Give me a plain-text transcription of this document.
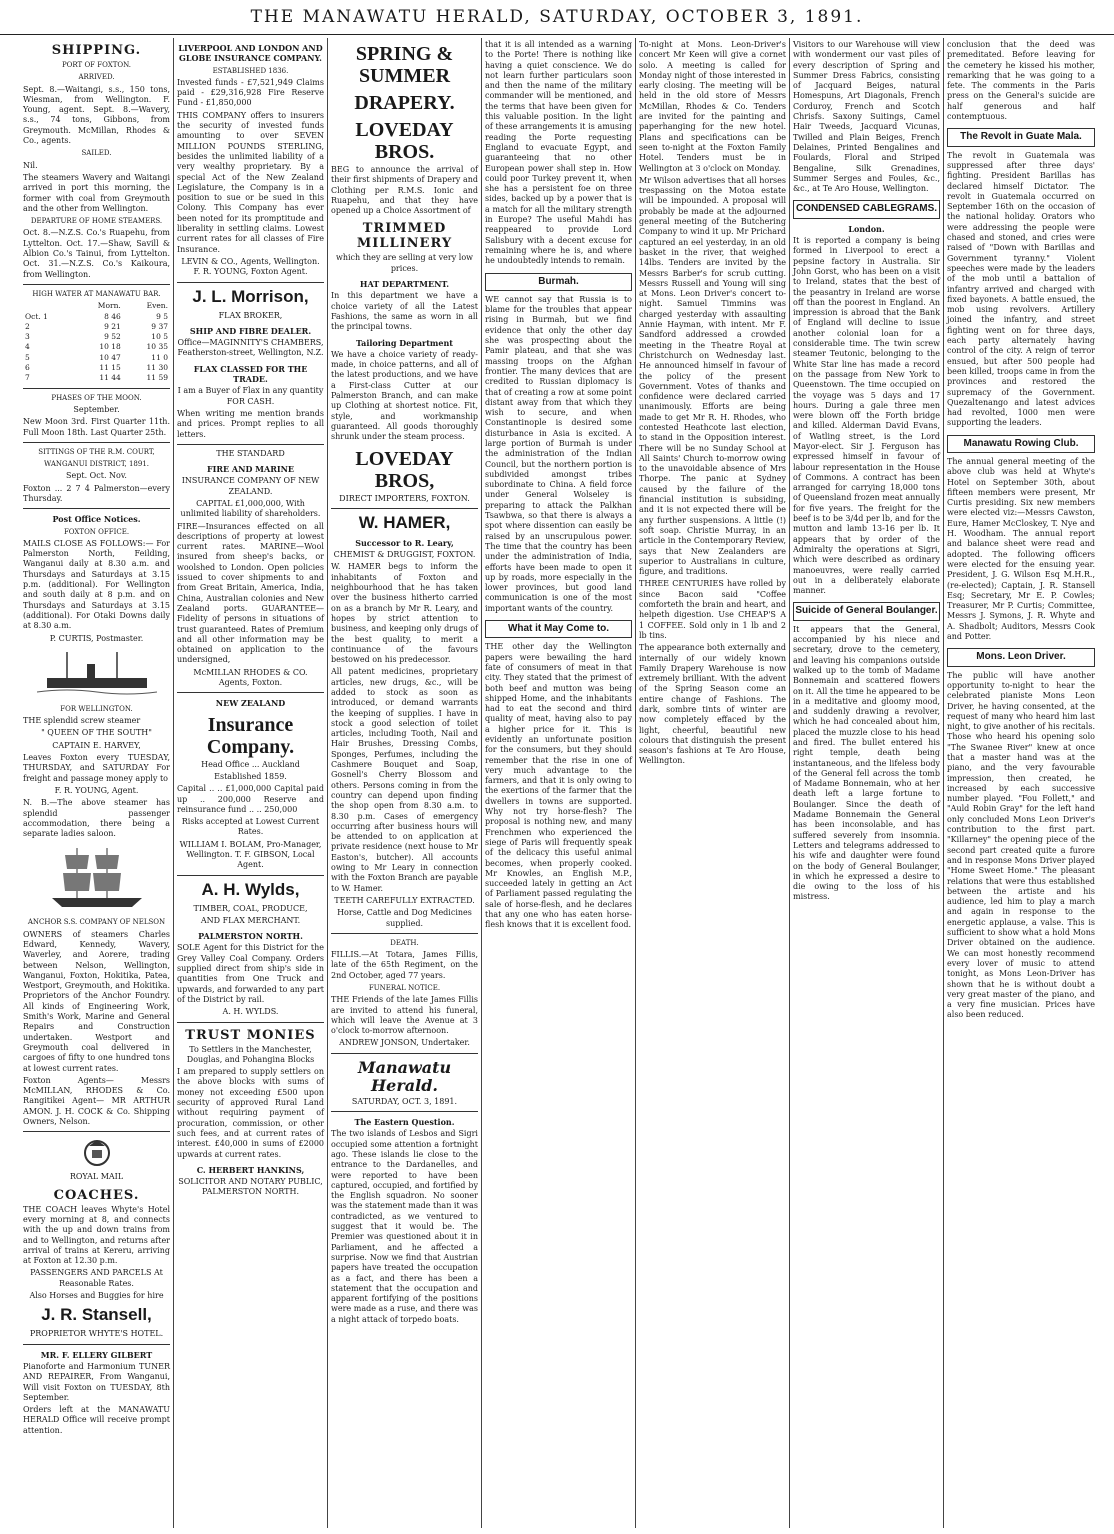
THE MANAWATU HERALD, SATURDAY, OCTOBER 3, 1891.
SHIPPING.
PORT OF FOXTON.
ARRIVED.
Sept. 8.—Waitangi, s.s., 150 tons, Wiesman, from Wellington. F. Young, agent. Sept. 8.—Wavery, s.s., 74 tons, Gibbons, from Greymouth. McMillan, Rhodes & Co., agents.
SAILED.
Nil.
The steamers Wavery and Waitangi arrived in port this morning, the former with coal from Greymouth and the other from Wellington.
DEPARTURE OF HOME STEAMERS.
Oct. 8.—N.Z.S. Co.'s Ruapehu, from Lyttelton. Oct. 17.—Shaw, Savill & Albion Co.'s Tainui, from Lyttelton. Oct. 31.—N.Z.S. Co.'s Kaikoura, from Wellington.
HIGH WATER AT MANAWATU BAR.
	Morn.	Even.
Oct. 1	8 46	9 5
2	9 21	9 37
3	9 52	10 5
4	10 18	10 35
5	10 47	11 0
6	11 15	11 30
7	11 44	11 59
PHASES OF THE MOON.
September.
New Moon 3rd. First Quarter 11th. Full Moon 18th. Last Quarter 25th.
SITTINGS OF THE R.M. COURT,
WANGANUI DISTRICT, 1891.
Sept. Oct. Nov.
Foxton ... 2 7 4 Palmerston—every Thursday.
Post Office Notices.
FOXTON OFFICE.
MAILS CLOSE AS FOLLOWS:— For Palmerston North, Feilding, Wanganui daily at 8.30 a.m. and Thursdays and Saturdays at 3.15 p.m. (additional). For Wellington and south daily at 8 p.m. and on Thursdays and Saturdays at 3.15 (additional). For Otaki Downs daily at 8.30 a.m.
P. CURTIS, Postmaster.
FOR WELLINGTON.
THE splendid screw steamer
" QUEEN OF THE SOUTH"
CAPTAIN E. HARVEY,
Leaves Foxton every TUESDAY, THURSDAY, and SATURDAY For freight and passage money apply to
F. R. YOUNG, Agent.
N. B.—The above steamer has splendid passenger accommodation, there being a separate ladies saloon.
ANCHOR S.S. COMPANY OF NELSON
OWNERS of steamers Charles Edward, Kennedy, Wavery, Waverley, and Aorere, trading between Nelson, Wellington, Wanganui, Foxton, Hokitika, Patea, Westport, Greymouth, and Hokitika. Proprietors of the Anchor Foundry. All kinds of Engineering Work, Smith's Work, Marine and General Repairs and Construction undertaken. Westport and Greymouth coal delivered in cargoes of fifty to one hundred tons at lowest current rates.
Foxton Agents— Messrs McMILLAN, RHODES & Co. Rangitikei Agent— MR ARTHUR AMON. J. H. COCK & Co. Shipping Owners, Nelson.
ROYAL MAIL
COACHES.
THE COACH leaves Whyte's Hotel every morning at 8, and connects with the up and down trains from and to Wellington, and returns after arrival of trains at Kereru, arriving at Foxton at 12.30 p.m.
PASSENGERS AND PARCELS At Reasonable Rates.
Also Horses and Buggies for hire
J. R. Stansell,
PROPRIETOR WHYTE'S HOTEL.
MR. F. ELLERY GILBERT
Pianoforte and Harmonium TUNER AND REPAIRER, From Wanganui, Will visit Foxton on TUESDAY, 8th September.
Orders left at the MANAWATU HERALD Office will receive prompt attention.
LIVERPOOL AND LONDON AND GLOBE INSURANCE COMPANY.
ESTABLISHED 1836.
Invested funds - £7,521,949 Claims paid - £29,316,928 Fire Reserve Fund - £1,850,000
THIS COMPANY offers to insurers the security of invested funds amounting to over SEVEN MILLION POUNDS STERLING, besides the unlimited liability of a very wealthy proprietary. By a special Act of the New Zealand Legislature, the Company is in a position to sue or be sued in this Colony. This Company has ever been noted for its promptitude and liberality in settling claims. Lowest current rates for all classes of Fire Insurance.
LEVIN & CO., Agents, Wellington. F. R. YOUNG, Foxton Agent.
J. L. Morrison,
FLAX BROKER,
SHIP AND FIBRE DEALER.
Office—MAGINNITY'S CHAMBERS, Featherston-street, Wellington, N.Z.
FLAX CLASSED FOR THE TRADE.
I am a Buyer of Flax in any quantity FOR CASH.
When writing me mention brands and prices. Prompt replies to all letters.
THE STANDARD
FIRE AND MARINE
INSURANCE COMPANY OF NEW ZEALAND.
CAPITAL £1,000,000, With unlimited liability of shareholders.
FIRE—Insurances effected on all descriptions of property at lowest current rates. MARINE—Wool insured from sheep's backs, or woolshed to London. Open policies issued to cover shipments to and from Great Britain, America, India, China, Australian colonies and New Zealand ports. GUARANTEE—Fidelity of persons in situations of trust guaranteed. Rates of Premium and all other information may be obtained on application to the undersigned,
McMILLAN RHODES & CO. Agents, Foxton.
NEW ZEALAND
Insurance Company.
Head Office ... Auckland
Established 1859.
Capital .. .. £1,000,000 Capital paid up .. 200,000 Reserve and reinsurance fund .. .. 250,000
Risks accepted at Lowest Current Rates.
WILLIAM I. BOLAM, Pro-Manager, Wellington. T. F. GIBSON, Local Agent.
A. H. Wylds,
TIMBER, COAL, PRODUCE,
AND FLAX MERCHANT.
PALMERSTON NORTH.
SOLE Agent for this District for the Grey Valley Coal Company. Orders supplied direct from ship's side in quantities from One Truck and upwards, and forwarded to any part of the District by rail.
A. H. WYLDS.
TRUST MONIES
To Settlers in the Manchester, Douglas, and Pohangina Blocks
I am prepared to supply settlers on the above blocks with sums of money not exceeding £500 upon security of approved Rural Land without requiring payment of procuration, commission, or other such fees, and at current rates of interest. £40,000 in sums of £2000 upwards at current rates.
C. HERBERT HANKINS,
SOLICITOR AND NOTARY PUBLIC, PALMERSTON NORTH.
SPRING & SUMMER
DRAPERY.
LOVEDAY BROS.
BEG to announce the arrival of their first shipments of Drapery and Clothing per R.M.S. Ionic and Ruapehu, and that they have opened up a Choice Assortment of
TRIMMED MILLINERY
which they are selling at very low prices.
HAT DEPARTMENT.
In this department we have a choice variety of all the Latest Fashions, the same as worn in all the principal towns.
Tailoring Department
We have a choice variety of ready-made, in choice patterns, and all of the latest productions, and we have a First-class Cutter at our Palmerston Branch, and can make up Clothing at shortest notice. Fit, style, and workmanship guaranteed. All goods thoroughly shrunk under the steam process.
LOVEDAY BROS,
DIRECT IMPORTERS, FOXTON.
W. HAMER,
Successor to R. Leary,
CHEMIST & DRUGGIST, FOXTON.
W. HAMER begs to inform the inhabitants of Foxton and neighbourhood that he has taken over the business hitherto carried on as a branch by Mr R. Leary, and hopes by strict attention to business, and keeping only drugs of the best quality, to merit a continuance of the favours bestowed on his predecessor.
All patent medicines, proprietary articles, new drugs, &c., will be added to stock as soon as introduced, or demand warrants the keeping of supplies. I have in stock a good selection of toilet articles, including Tooth, Nail and Hair Brushes, Dressing Combs, Sponges, Perfumes, including the Cashmere Bouquet and Soap, Gosnell's Cherry Blossom and others. Persons coming in from the country can depend upon finding the shop open from 8.30 a.m. to 8.30 p.m. Cases of emergency occurring after business hours will be attended to on application at private residence (next house to Mr Easton's, butcher). All accounts owing to Mr Leary in connection with the Foxton Branch are payable to W. Hamer.
TEETH CAREFULLY EXTRACTED.
Horse, Cattle and Dog Medicines supplied.
DEATH.
FILLIS.—At Totara, James Fillis, late of the 65th Regiment, on the 2nd October, aged 77 years.
FUNERAL NOTICE.
THE Friends of the late James Fillis are invited to attend his funeral, which will leave the Avenue at 3 o'clock to-morrow afternoon.
ANDREW JONSON, Undertaker.
Manawatu Herald.
SATURDAY, OCT. 3, 1891.
The Eastern Question.
The two islands of Lesbos and Sigri occupied some attention a fortnight ago. These islands lie close to the entrance to the Dardanelles, and were reported to have been captured, occupied, and fortified by the English squadron. No sooner was the statement made than it was contradicted, as we ventured to suggest that it would be. The Premier was questioned about it in Parliament, and he affected a surprise. Now we find that Austrian papers have treated the occupation as a fact, and there has been a statement that the occupation and apparent fortifying of the positions were made as a ruse, and there was a night attack of torpedo boats.
that it is all intended as a warning to the Porte! There is nothing like having a quiet conscience. We do not learn further particulars soon and then the name of the military commander will be mentioned, and the terms that have been given for this valuable position. In the light of these arrangements it is amusing reading the Porte requesting England to evacuate Egypt, and guaranteeing that no other European power shall step in. How could poor Turkey prevent it, when she has a persistent foe on three sides, backed up by a power that is a match for all the military strength in Europe? The useful Mahdi has reappeared to provide Lord Salisbury with a decent excuse for remaining where he is, and where he undoubtedly intends to remain.
Burmah.
WE cannot say that Russia is to blame for the troubles that appear rising in Burmah, but we find evidence that only the other day she was prospecting about the Pamir plateau, and that she was massing troops on the Afghan frontier. The many devices that are credited to Russian diplomacy is that of creating a row at some point distant away from that which they wish to secure, and when Constantinople is desired some disturbance in Asia is excited. A large portion of Burmah is under the administration of the Indian Council, but the northern portion is subdivided amongst tribes subordinate to China. A field force under General Wolseley is preparing to attack the Palkhan Tsawbwa, so that there is always a spot where dissention can easily be raised by an unscrupulous power. The time that the country has been under the administration of India, efforts have been made to open it up by roads, more especially in the lower provinces, but good land communication is one of the most important wants of the country.
What it May Come to.
THE other day the Wellington papers were bewailing the hard fate of consumers of meat in that city. They stated that the primest of both beef and mutton was being shipped Home, and the inhabitants had to eat the second and third quality of meat, having also to pay a higher price for it. This is evidently an unfortunate position for the consumers, but they should remember that the rise in one of very much advantage to the farmers, and that it is only owing to the exertions of the farmer that the dwellers in towns are supported. Why not try horse-flesh? The proposal is nothing new, and many Frenchmen who experienced the siege of Paris will frequently speak of the delicacy this useful animal becomes, when properly cooked. Mr Knowles, an English M.P., succeeded lately in getting an Act of Parliament passed regulating the sale of horse-flesh, and he declares that any one who has eaten horse-flesh knows that it is excellent food.
To-night at Mons. Leon-Driver's concert Mr Keen will give a cornet solo. A meeting is called for Monday night of those interested in early closing. The meeting will be held in the old store of Messrs McMillan, Rhodes & Co. Tenders are invited for the painting and paperhanging for the new hotel. Plans and specifications can be seen to-night at the Foxton Family Hotel. Tenders must be in Wellington at 3 o'clock on Monday.
Mr Wilson advertises that all horses trespassing on the Motoa estate will be impounded. A proposal will probably be made at the adjourned general meeting of the Butchering Company to wind it up. Mr Prichard captured an eel yesterday, in an old basket in the river, that weighed 14lbs. Tenders are invited by the Messrs Barber's for scrub cutting. Messrs Russell and Young will sing at Mons. Leon Driver's concert to-night. Samuel Timmins was charged yesterday with assaulting Annie Hayman, with intent. Mr F. Sandford addressed a crowded meeting in the Theatre Royal at Christchurch on Wednesday last. He announced himself in favour of the policy of the present Government. Votes of thanks and confidence were declared carried unanimously. Efforts are being made to get Mr R. H. Rhodes, who contested Heathcote last election, to stand in the Opposition interest. There will be no Sunday School at All Saints' Church to-morrow owing to the unavoidable absence of Mrs Thorpe. The panic at Sydney caused by the failure of the financial institution is subsiding, and it is not expected there will be any further suspensions. A little (!) soft soap. Christie Murray, in an article in the Contemporary Review, says that New Zealanders are superior to Australians in culture, figure, and traditions.
THREE CENTURIES have rolled by since Bacon said "Coffee comforteth the brain and heart, and helpeth digestion. Use CHEAP'S A 1 COFFEE. Sold only in 1 lb and 2 lb tins.
The appearance both externally and internally of our widely known Family Drapery Warehouse is now extremely brilliant. With the advent of the Spring Season come an entire change of Fashions. The dark, sombre tints of winter are now completely effaced by the light, cheerful, beautiful new colours that distinguish the present season's fashions at Te Aro House, Wellington.
Visitors to our Warehouse will view with wonderment our vast piles of every description of Spring and Summer Dress Fabrics, consisting of Jacquard Beiges, natural Homespuns, Art Diagonals, French Corduroy, French and Scotch Chrisfs. Saxony Suitings, Camel Hair Tweeds, Jacquard Vicunas, Twilled and Plain Beiges, French Delaines, Printed Bengalines and Foulards, Floral and Striped Bengaline, Silk Grenadines, Summer Serges and Foules, &c., &c., at Te Aro House, Wellington.
CONDENSED CABLEGRAMS.
London.
It is reported a company is being formed in Liverpool to erect a pepsine factory in Australia. Sir John Gorst, who has been on a visit to Ireland, states that the best of the peasantry in Ireland are worse off than the poorest in England. An impression is abroad that the Bank of England will decline to issue another colonial loan for a considerable time. The twin screw steamer Teutonic, belonging to the White Star line has made a record on the passage from New York to Queenstown. The time occupied on the voyage was 5 days and 17 hours. During a gale three men were blown off the Forth bridge and killed. Alderman David Evans, of Watling street, is the Lord Mayor-elect. Sir J. Ferguson has expressed himself in favour of labour representation in the House of Commons. A contract has been arranged for carrying 18,000 tons of Queensland frozen meat annually for five years. The freight for the beef is to be 3/4d per lb, and for the mutton and lamb 13-16 per lb. It appears that by order of the Admiralty the operations at Sigri, which were described as ordinary manoeuvres, were really carried out in a deliberately elaborate manner.
Suicide of General Boulanger.
It appears that the General, accompanied by his niece and secretary, drove to the cemetery, and leaving his companions outside walked up to the tomb of Madame Bonnemain and scattered flowers on it. All the time he appeared to be in a meditative and gloomy mood, and suddenly drawing a revolver, which he had concealed about him, placed the muzzle close to his head and fired. The bullet entered his right temple, death being instantaneous, and the lifeless body of the General fell across the tomb of Madame Bonnemain, who at her death left a large fortune to Boulanger. Since the death of Madame Bonnemain the General has been inconsolable, and has suffered severely from insomnia. Letters and telegrams addressed to his wife and daughter were found on the body of General Boulanger, in which he expressed a desire to die owing to the loss of his mistress.
conclusion that the deed was premeditated. Before leaving for the cemetery he kissed his mother, remarking that he was going to a fete. The comments in the Paris press on the General's suicide are half generous and half contemptuous.
The Revolt in Guate Mala.
The revolt in Guatemala was suppressed after three days' fighting. President Barillas has declared himself Dictator. The revolt in Guatemala occurred on September 16th on the occasion of the national holiday. Orators who were addressing the people were chased and stoned, and cries were raised of "Down with Barillas and Government tyranny." Violent speeches were made by the leaders of the mob until a battalion of infantry arrived and charged with fixed bayonets. A battle ensued, the mob using revolvers. Artillery joined the infantry, and street fighting went on for three days, each party alternately having control of the city. A reign of terror ensued, but after 500 people had been killed, troops came in from the provinces and restored the supremacy of the Government. Quezaltenango and latest advices had revolted, 1000 men were supporting the leaders.
Manawatu Rowing Club.
The annual general meeting of the above club was held at Whyte's Hotel on September 30th, about fifteen members were present, Mr Curtis presiding. Six new members were elected viz:—Messrs Cawston, Eure, Hamer McCloskey, T. Nye and H. Woodham. The annual report and balance sheet were read and adopted. The following officers were elected for the ensuing year. President, J. G. Wilson Esq M.H.R., (re-elected); Captain, J. R. Stansell Esq; Secretary, Mr E. P. Cowles; Treasurer, Mr P. Curtis; Committee, Messrs J. Symons, J. R. Whyte and A. Shadbolt; Auditors, Messrs Cook and Potter.
Mons. Leon Driver.
The public will have another opportunity to-night to hear the celebrated pianiste Mons Leon Driver, he having consented, at the request of many who heard him last night, to give another of his recitals. Those who heard his opening solo "The Swanee River" knew at once that a master hand was at the piano, and the very favourable impression, then created, he increased by each successive number played. "Fou Follett," and "Auld Robin Gray" for the left hand only concluded Mons Leon Driver's contribution to the first part. "Killarney" the opening piece of the second part created quite a furore and in response Mons Driver played "Home Sweet Home." The pleasant relations that were thus established between the artiste and his audience, led him to play a march and again in response to the energetic applause, a valse. This is sufficient to show what a hold Mons Driver obtained on the audience. We can most honestly recommend every lover of music to attend tonight, as Mons Leon-Driver has shown that he is without doubt a very great master of the piano, and a very fine musician. Prices have also been reduced.
